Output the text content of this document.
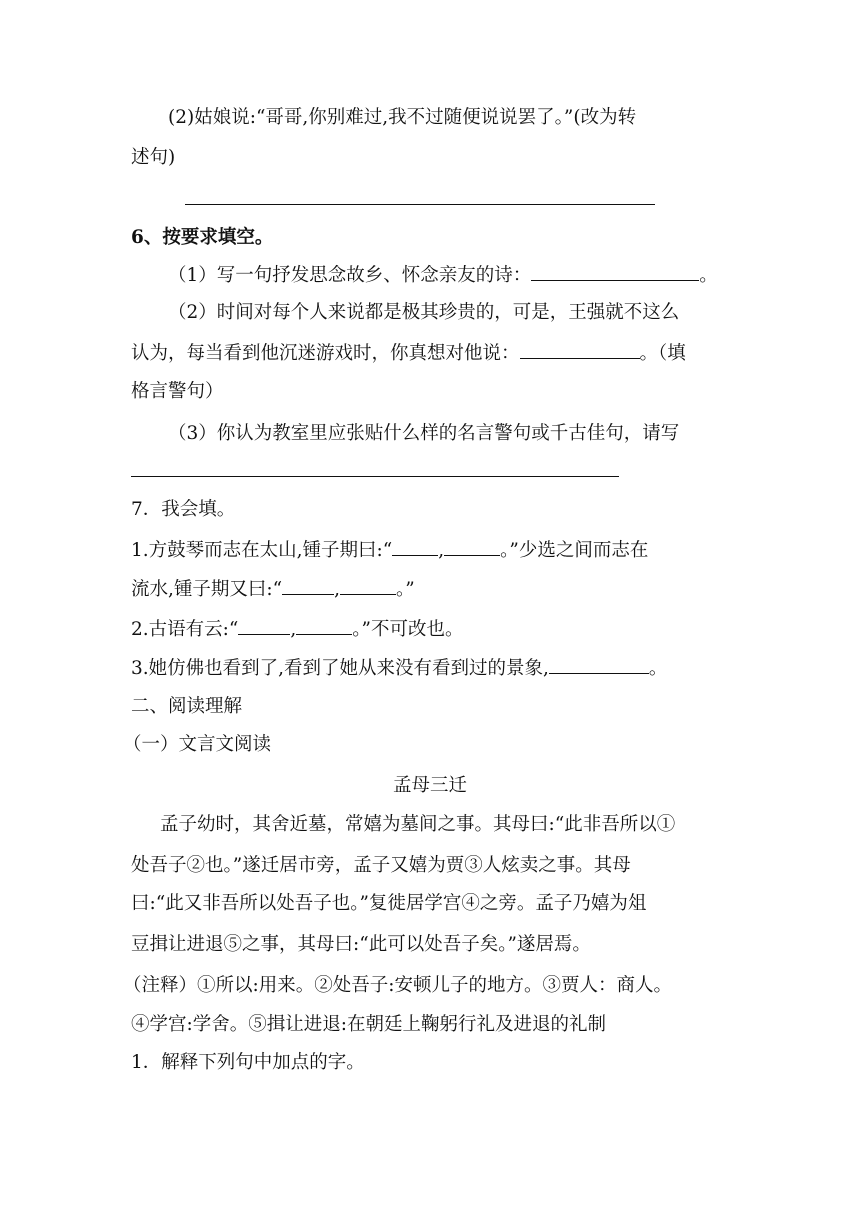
(2)姑娘说:“哥哥,你别难过,我不过随便说说罢了。”(改为转
述句)
6、按要求填空。
（1）写一句抒发思念故乡、怀念亲友的诗：	。
（2）时间对每个人来说都是极其珍贵的，可是，王强就不这么
认为，每当看到他沉迷游戏时，你真想对他说：	。（填
格言警句）
（3）你认为教室里应张贴什么样的名言警句或千古佳句，请写
7．我会填。
1.方鼓琴而志在太山,锺子期曰:“ ,	。”少选之间而志在
流水,锺子期又曰:“	,	。”
2.古语有云:“	,	。”不可改也。
3.她仿佛也看到了,看到了她从来没有看到过的景象,	。
二、阅读理解
（一）文言文阅读
孟母三迁
孟子幼时，其舍近墓，常嬉为墓间之事。其母曰:“此非吾所以①
处吾子②也。”遂迁居市旁，孟子又嬉为贾③人炫卖之事。其母
曰:“此又非吾所以处吾子也。”复徙居学宫④之旁。孟子乃嬉为俎
豆揖让进退⑤之事，其母曰:“此可以处吾子矣。”遂居焉。
（注释）①所以:用来。②处吾子:安顿儿子的地方。③贾人：商人。
④学宫:学舍。⑤揖让进退:在朝廷上鞠躬行礼及进退的礼制
1．解释下列句中加点的字。
